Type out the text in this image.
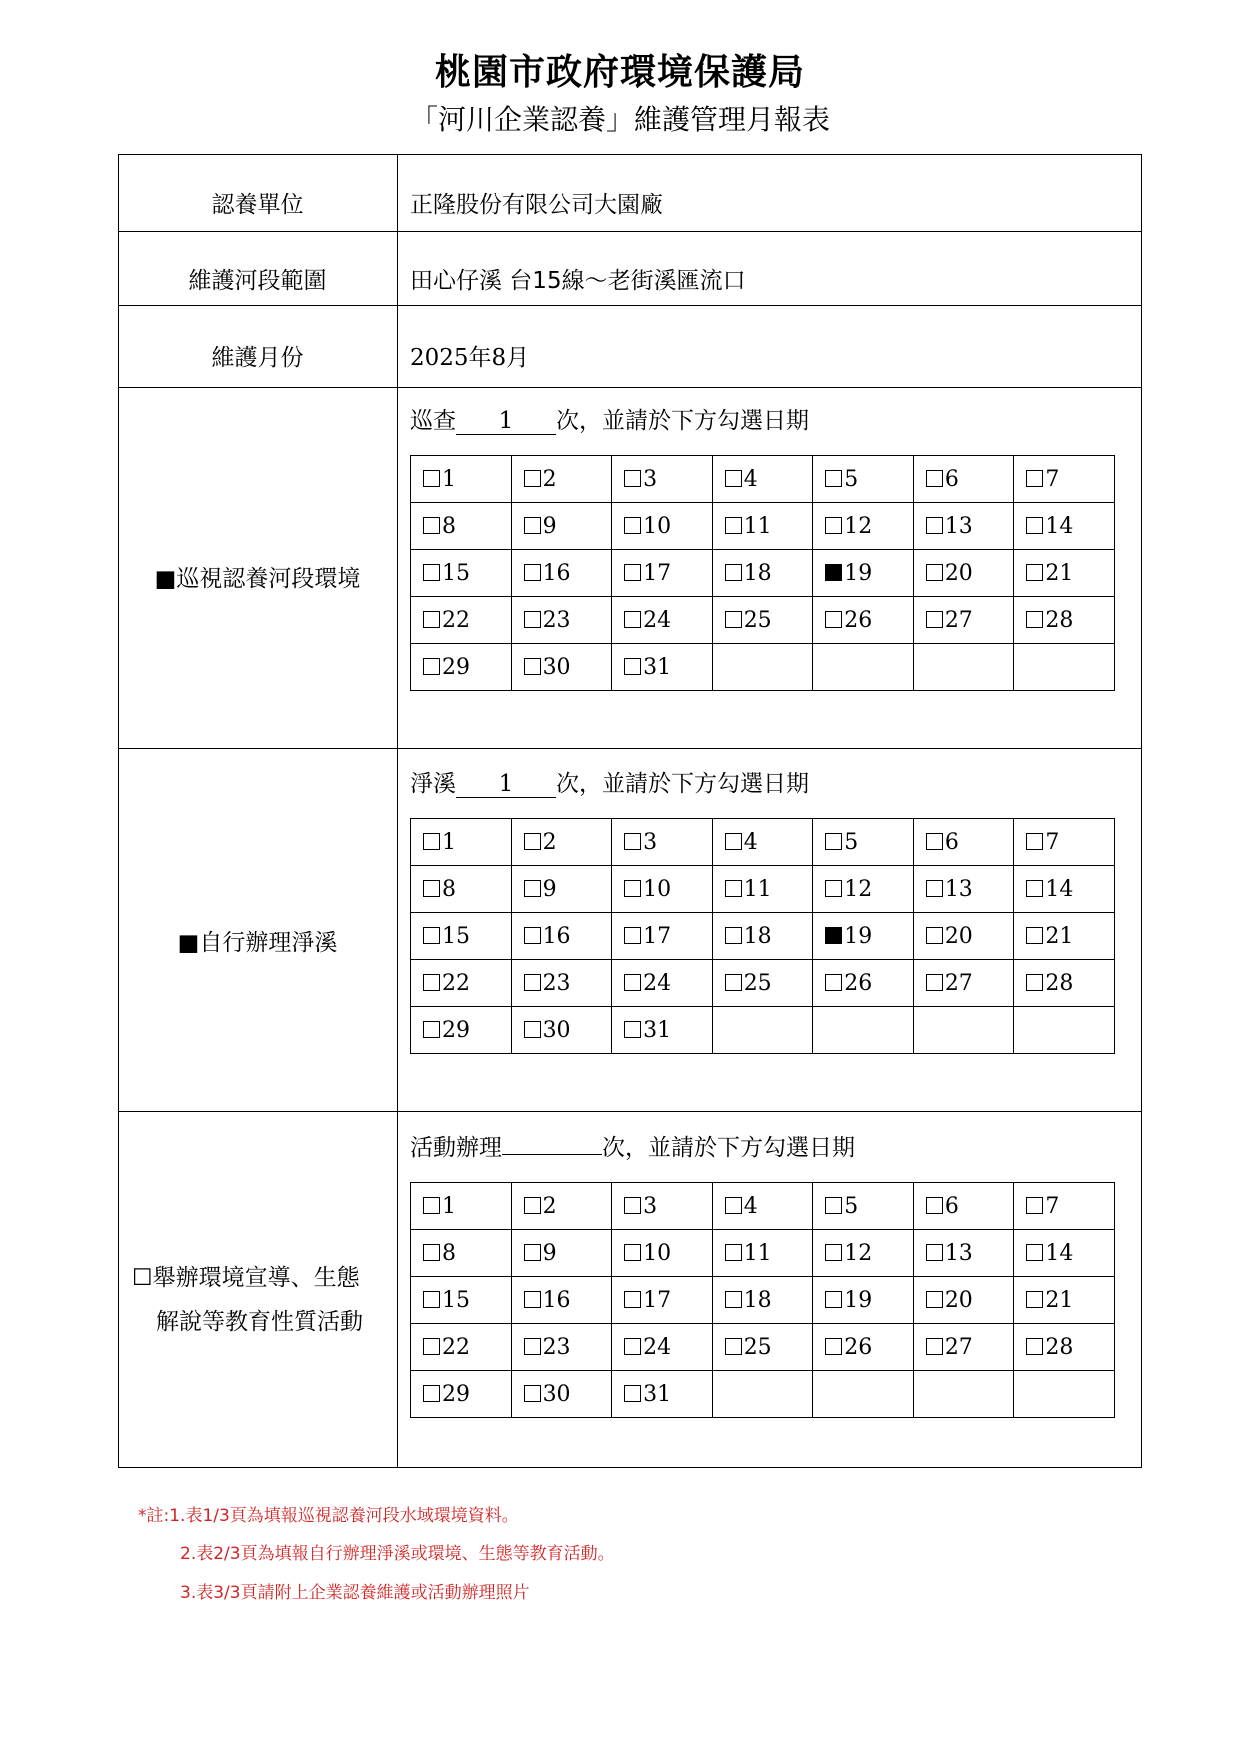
桃園市政府環境保護局
「河川企業認養」維護管理月報表
認養單位	正隆股份有限公司大園廠
維護河段範圍	田心仔溪 台15線～老街溪匯流口
維護月份	2025年8月
■巡視認養河段環境
巡查 1 次，並請於下方勾選日期
1	2	3	4	5	6	7
8	9	10	11	12	13	14
15	16	17	18	19	20	21
22	23	24	25	26	27	28
29	30	31				
■自行辦理淨溪
淨溪 1 次，並請於下方勾選日期
1	2	3	4	5	6	7
8	9	10	11	12	13	14
15	16	17	18	19	20	21
22	23	24	25	26	27	28
29	30	31				
☐舉辦環境宣導、生態
解說等教育性質活動
活動辦理	次，並請於下方勾選日期
1	2	3	4	5	6	7
8	9	10	11	12	13	14
15	16	17	18	19	20	21
22	23	24	25	26	27	28
29	30	31				
*註:1.表1/3頁為填報巡視認養河段水域環境資料。
2.表2/3頁為填報自行辦理淨溪或環境、生態等教育活動。
3.表3/3頁請附上企業認養維護或活動辦理照片
